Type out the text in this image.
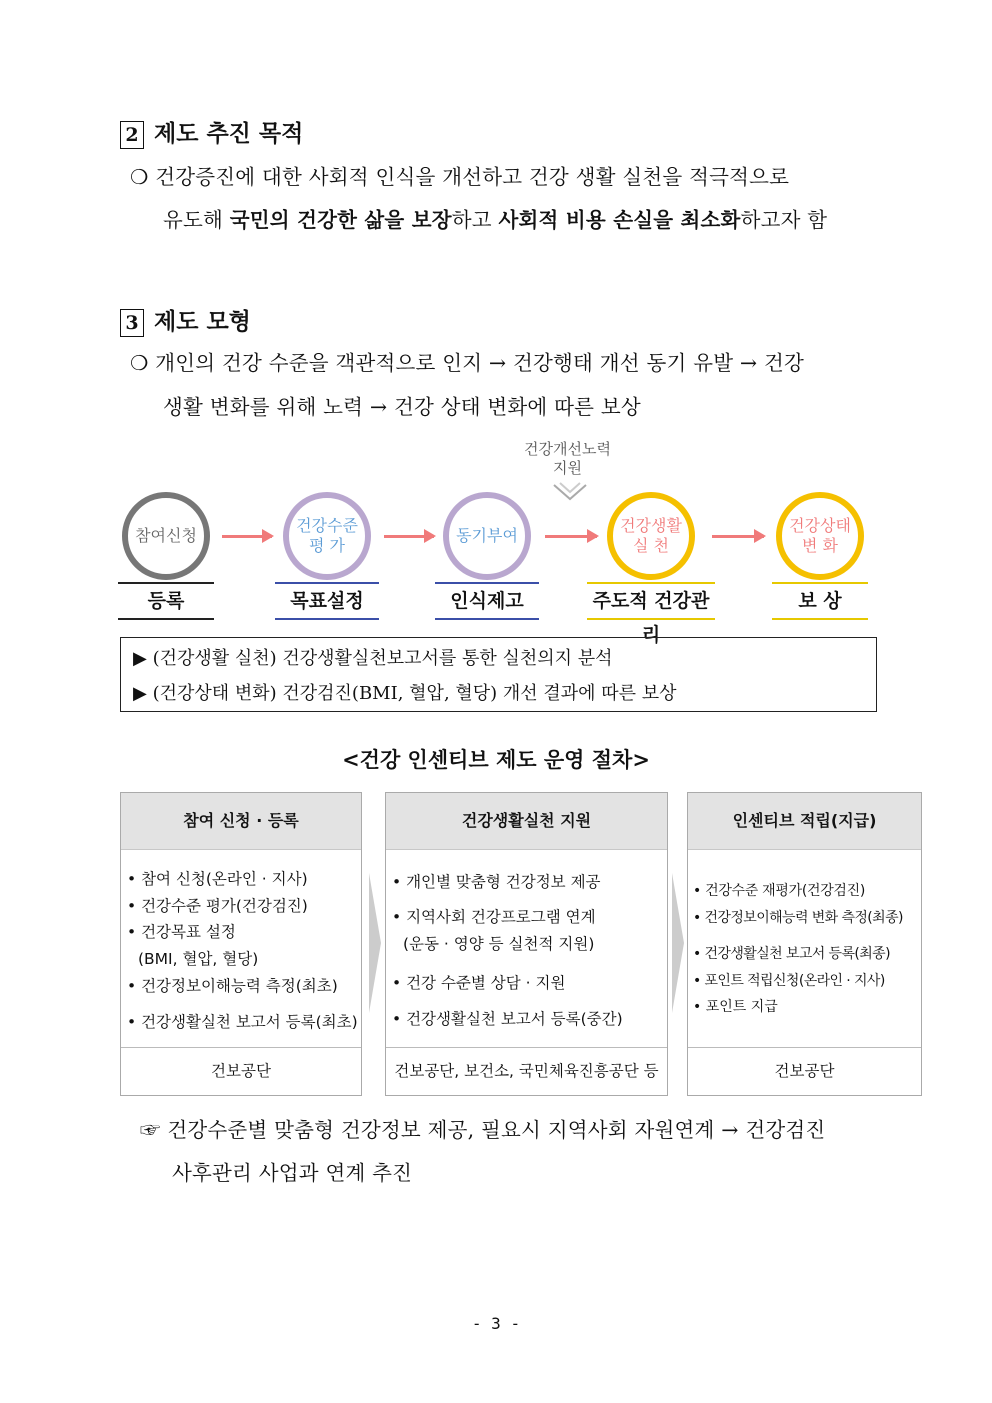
2 제도 추진 목적
❍ 건강증진에 대한 사회적 인식을 개선하고 건강 생활 실천을 적극적으로
유도해 국민의 건강한 삶을 보장하고 사회적 비용 손실을 최소화하고자 함
3 제도 모형
❍ 개인의 건강 수준을 객관적으로 인지 → 건강행태 개선 동기 유발 → 건강
생활 변화를 위해 노력 → 건강 상태 변화에 따른 보상
건강개선노력
지원
참여신청
등록
건강수준
평 가
목표설정
동기부여
인식제고
건강생활
실 천
주도적 건강관리
건강상태
변 화
보 상
▶ (건강생활 실천) 건강생활실천보고서를 통한 실천의지 분석
▶ (건강상태 변화) 건강검진(BMI, 혈압, 혈당) 개선 결과에 따른 보상
<건강 인센티브 제도 운영 절차>
참여 신청 · 등록
• 참여 신청(온라인 · 지사)
• 건강수준 평가(건강검진)
• 건강목표 설정
(BMI, 혈압, 혈당)
• 건강정보이해능력 측정(최초)
• 건강생활실천 보고서 등록(최초)
건보공단
건강생활실천 지원
• 개인별 맞춤형 건강정보 제공
• 지역사회 건강프로그램 연계
(운동 · 영양 등 실천적 지원)
• 건강 수준별 상담 · 지원
• 건강생활실천 보고서 등록(중간)
건보공단, 보건소, 국민체육진흥공단 등
인센티브 적립(지급)
• 건강수준 재평가(건강검진)
• 건강정보이해능력 변화 측정(최종)
• 건강생활실천 보고서 등록(최종)
• 포인트 적립신청(온라인 · 지사)
• 포인트 지급
건보공단
☞ 건강수준별 맞춤형 건강정보 제공, 필요시 지역사회 자원연계 → 건강검진
사후관리 사업과 연계 추진
- 3 -
